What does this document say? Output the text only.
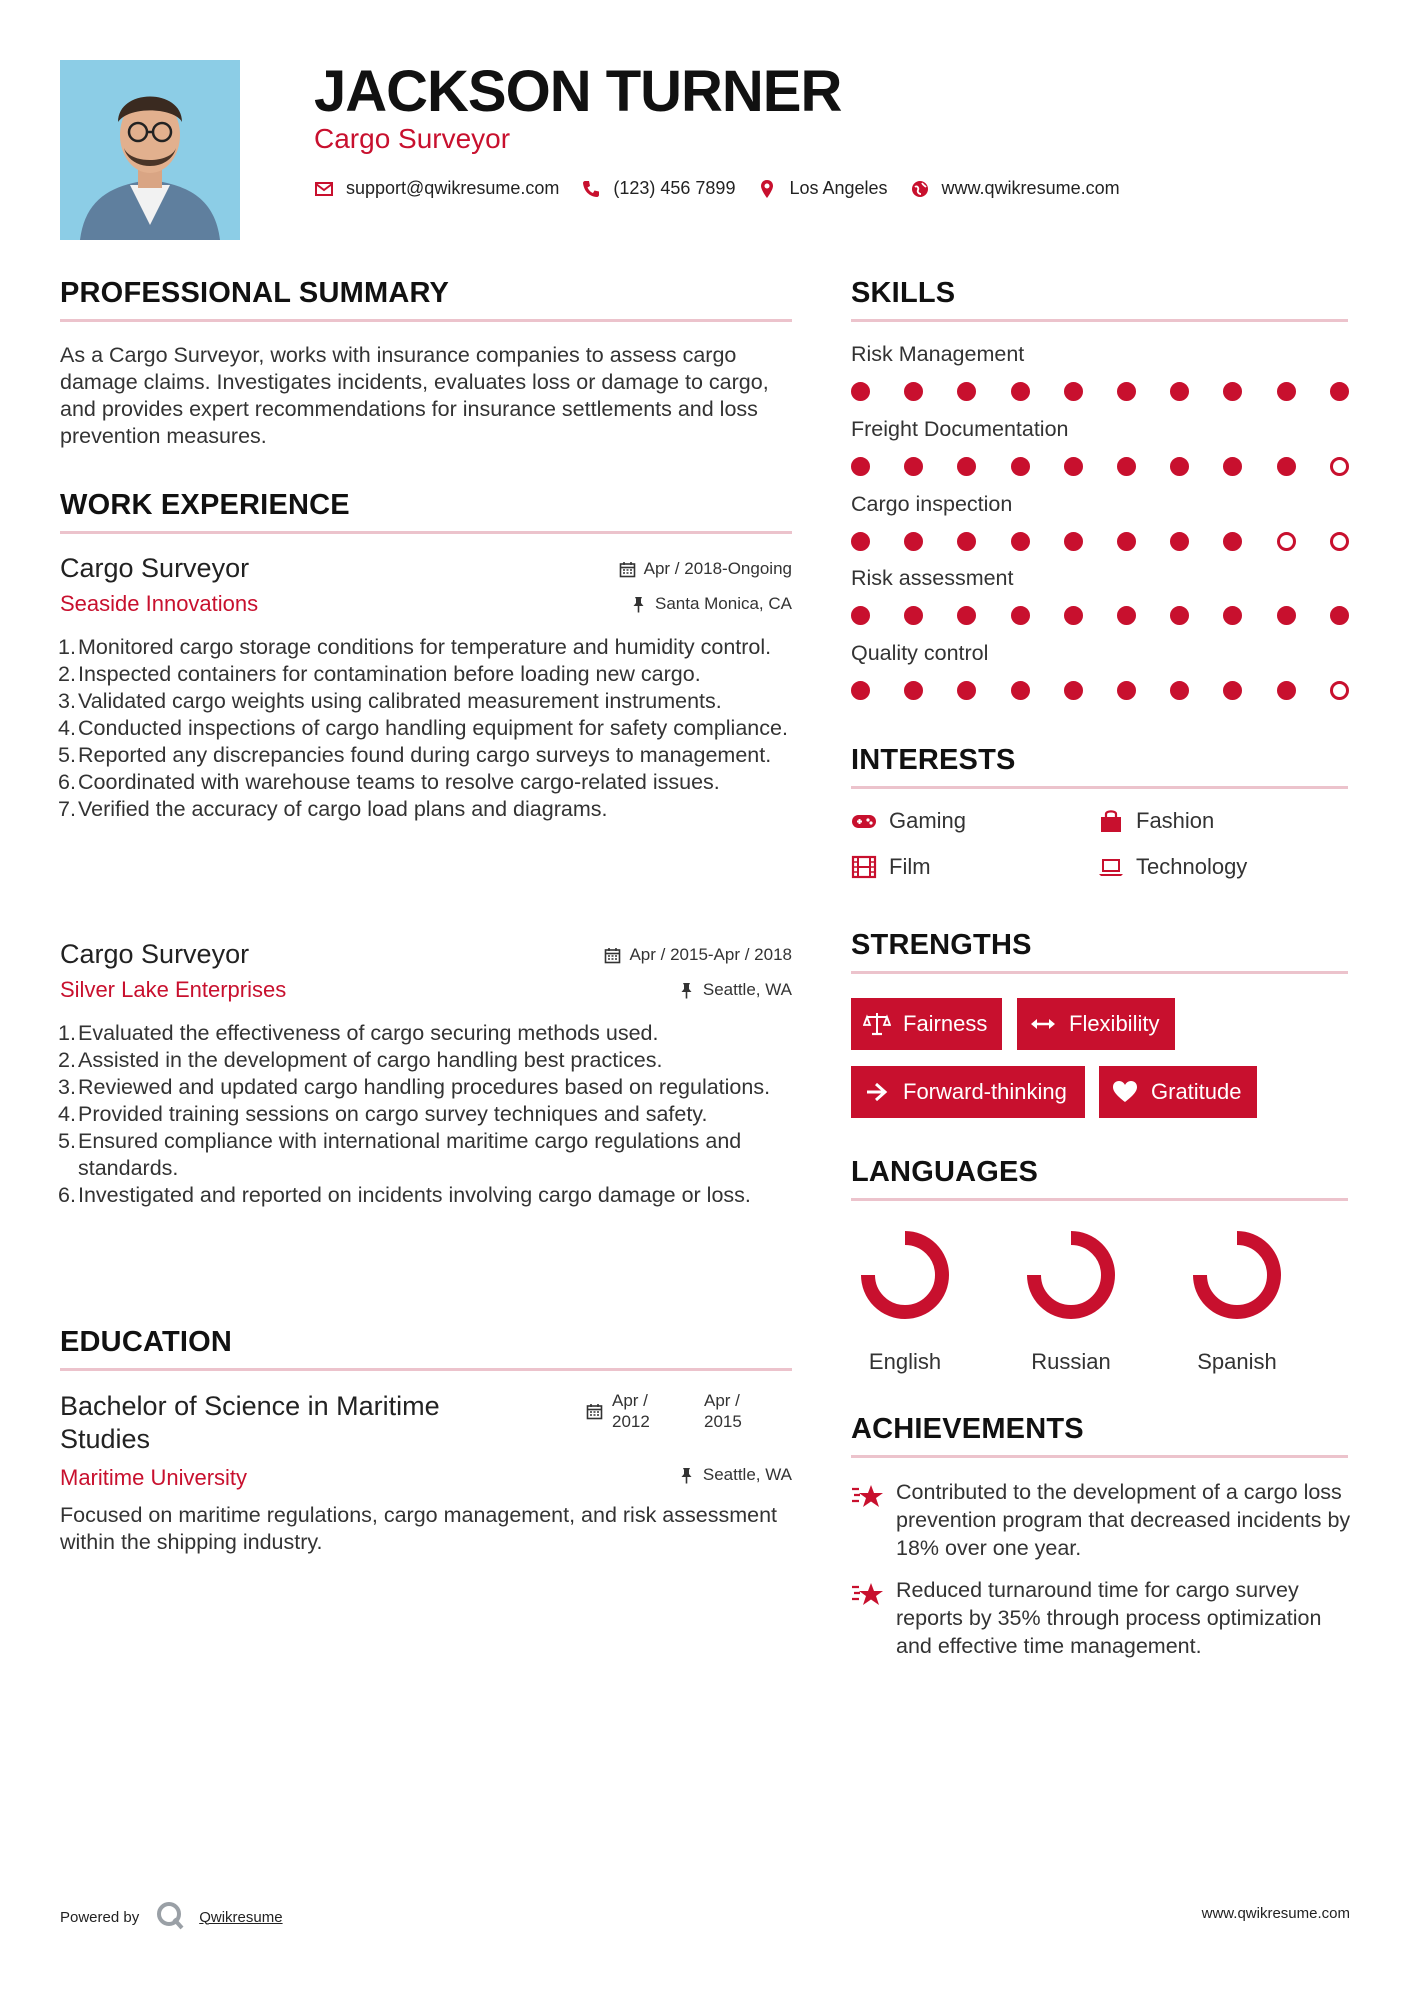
JACKSON TURNER
Cargo Surveyor
support@qwikresume.com	(123) 456 7899	Los Angeles	www.qwikresume.com
PROFESSIONAL SUMMARY
As a Cargo Surveyor, works with insurance companies to assess cargo damage claims. Investigates incidents, evaluates loss or damage to cargo, and provides expert recommendations for insurance settlements and loss prevention measures.
WORK EXPERIENCE
Cargo Surveyor
Seaside Innovations
Apr / 2018-Ongoing
Santa Monica, CA
1. Monitored cargo storage conditions for temperature and humidity control.
2. Inspected containers for contamination before loading new cargo.
3. Validated cargo weights using calibrated measurement instruments.
4. Conducted inspections of cargo handling equipment for safety compliance.
5. Reported any discrepancies found during cargo surveys to management.
6. Coordinated with warehouse teams to resolve cargo-related issues.
7. Verified the accuracy of cargo load plans and diagrams.
Cargo Surveyor
Silver Lake Enterprises
Apr / 2015-Apr / 2018
Seattle, WA
1. Evaluated the effectiveness of cargo securing methods used.
2. Assisted in the development of cargo handling best practices.
3. Reviewed and updated cargo handling procedures based on regulations.
4. Provided training sessions on cargo survey techniques and safety.
5. Ensured compliance with international maritime cargo regulations and standards.
6. Investigated and reported on incidents involving cargo damage or loss.
EDUCATION
Bachelor of Science in Maritime Studies
Apr / 2012
Apr / 2015
Maritime University	Seattle, WA
Focused on maritime regulations, cargo management, and risk assessment within the shipping industry.
SKILLS
Risk Management
Freight Documentation
Cargo inspection
Risk assessment
Quality control
INTERESTS
Gaming	Fashion
Film	Technology
STRENGTHS
Fairness	Flexibility
Forward-thinking	Gratitude
LANGUAGES
English	Russian	Spanish
ACHIEVEMENTS
Contributed to the development of a cargo loss prevention program that decreased incidents by 18% over one year.
Reduced turnaround time for cargo survey reports by 35% through process optimization and effective time management.
Powered by	Qwikresume	www.qwikresume.com
